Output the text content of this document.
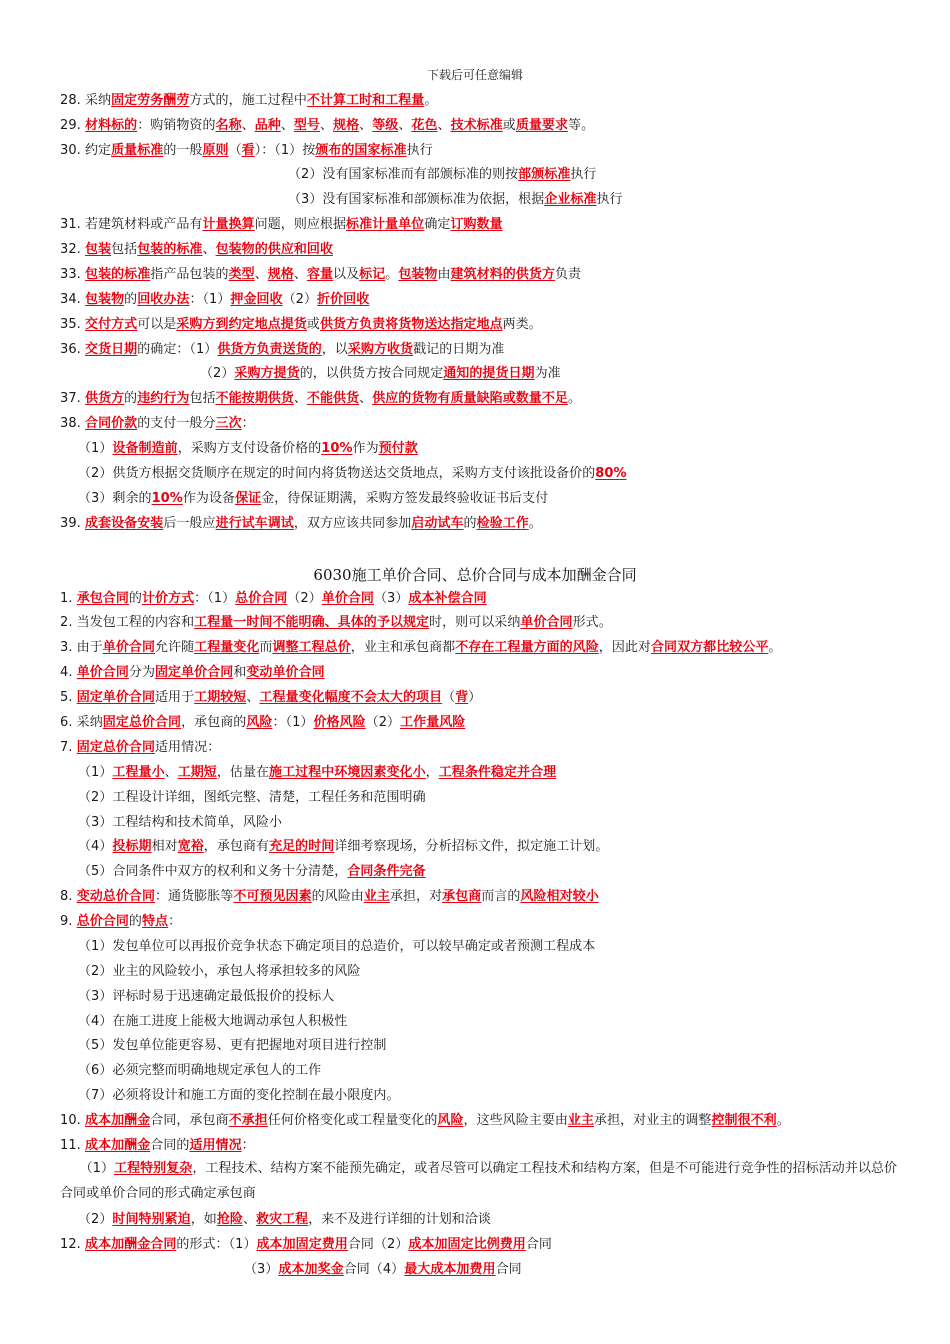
下载后可任意编辑
28. 采纳固定劳务酬劳方式的，施工过程中不计算工时和工程量。
29. 材料标的：购销物资的名称、品种、型号、规格、等级、花色、技术标准或质量要求等。
30. 约定质量标准的一般原则（看）：（1）按颁布的国家标准执行
（2）没有国家标准而有部颁标准的则按部颁标准执行
（3）没有国家标准和部颁标准为依据，根据企业标准执行
31. 若建筑材料或产品有计量换算问题，则应根据标准计量单位确定订购数量
32. 包装包括包装的标准、包装物的供应和回收
33. 包装的标准指产品包装的类型、规格、容量以及标记。包装物由建筑材料的供货方负责
34. 包装物的回收办法：（1）押金回收（2）折价回收
35. 交付方式可以是采购方到约定地点提货或供货方负责将货物送达指定地点两类。
36. 交货日期的确定：（1）供货方负责送货的，以采购方收货戳记的日期为准
（2）采购方提货的，以供货方按合同规定通知的提货日期为准
37. 供货方的违约行为包括不能按期供货、不能供货、供应的货物有质量缺陷或数量不足。
38. 合同价款的支付一般分三次：
（1）设备制造前，采购方支付设备价格的10%作为预付款
（2）供货方根据交货顺序在规定的时间内将货物送达交货地点，采购方支付该批设备价的80%
（3）剩余的10%作为设备保证金，待保证期满，采购方签发最终验收证书后支付
39. 成套设备安装后一般应进行试车调试，双方应该共同参加启动试车的检验工作。
1. 承包合同的计价方式：（1）总价合同（2）单价合同（3）成本补偿合同
2. 当发包工程的内容和工程量一时间不能明确、具体的予以规定时，则可以采纳单价合同形式。
3. 由于单价合同允许随工程量变化而调整工程总价，业主和承包商都不存在工程量方面的风险，因此对合同双方都比较公平。
4. 单价合同分为固定单价合同和变动单价合同
5. 固定单价合同适用于工期较短、工程量变化幅度不会太大的项目（背）
6. 采纳固定总价合同，承包商的风险：（1）价格风险（2）工作量风险
7. 固定总价合同适用情况：
（1）工程量小、工期短，估量在施工过程中环境因素变化小，工程条件稳定并合理
（2）工程设计详细，图纸完整、清楚，工程任务和范围明确
（3）工程结构和技术简单，风险小
（4）投标期相对宽裕，承包商有充足的时间详细考察现场，分析招标文件，拟定施工计划。
（5）合同条件中双方的权利和义务十分清楚，合同条件完备
8. 变动总价合同：通货膨胀等不可预见因素的风险由业主承担，对承包商而言的风险相对较小
9. 总价合同的特点：
（1）发包单位可以再报价竞争状态下确定项目的总造价，可以较早确定或者预测工程成本
（2）业主的风险较小，承包人将承担较多的风险
（3）评标时易于迅速确定最低报价的投标人
（4）在施工进度上能极大地调动承包人积极性
（5）发包单位能更容易、更有把握地对项目进行控制
（6）必须完整而明确地规定承包人的工作
（7）必须将设计和施工方面的变化控制在最小限度内。
10. 成本加酬金合同，承包商不承担任何价格变化或工程量变化的风险，这些风险主要由业主承担，对业主的调整控制很不利。
11. 成本加酬金合同的适用情况：
　　（1）工程特别复杂，工程技术、结构方案不能预先确定，或者尽管可以确定工程技术和结构方案，但是不可能进行竞争性的招标活动并以总价合同或单价合同的形式确定承包商
（2）时间特别紧迫，如抢险、救灾工程，来不及进行详细的计划和洽谈
12. 成本加酬金合同的形式：（1）成本加固定费用合同（2）成本加固定比例费用合同
（3）成本加奖金合同（4）最大成本加费用合同
6030施工单价合同、总价合同与成本加酬金合同
